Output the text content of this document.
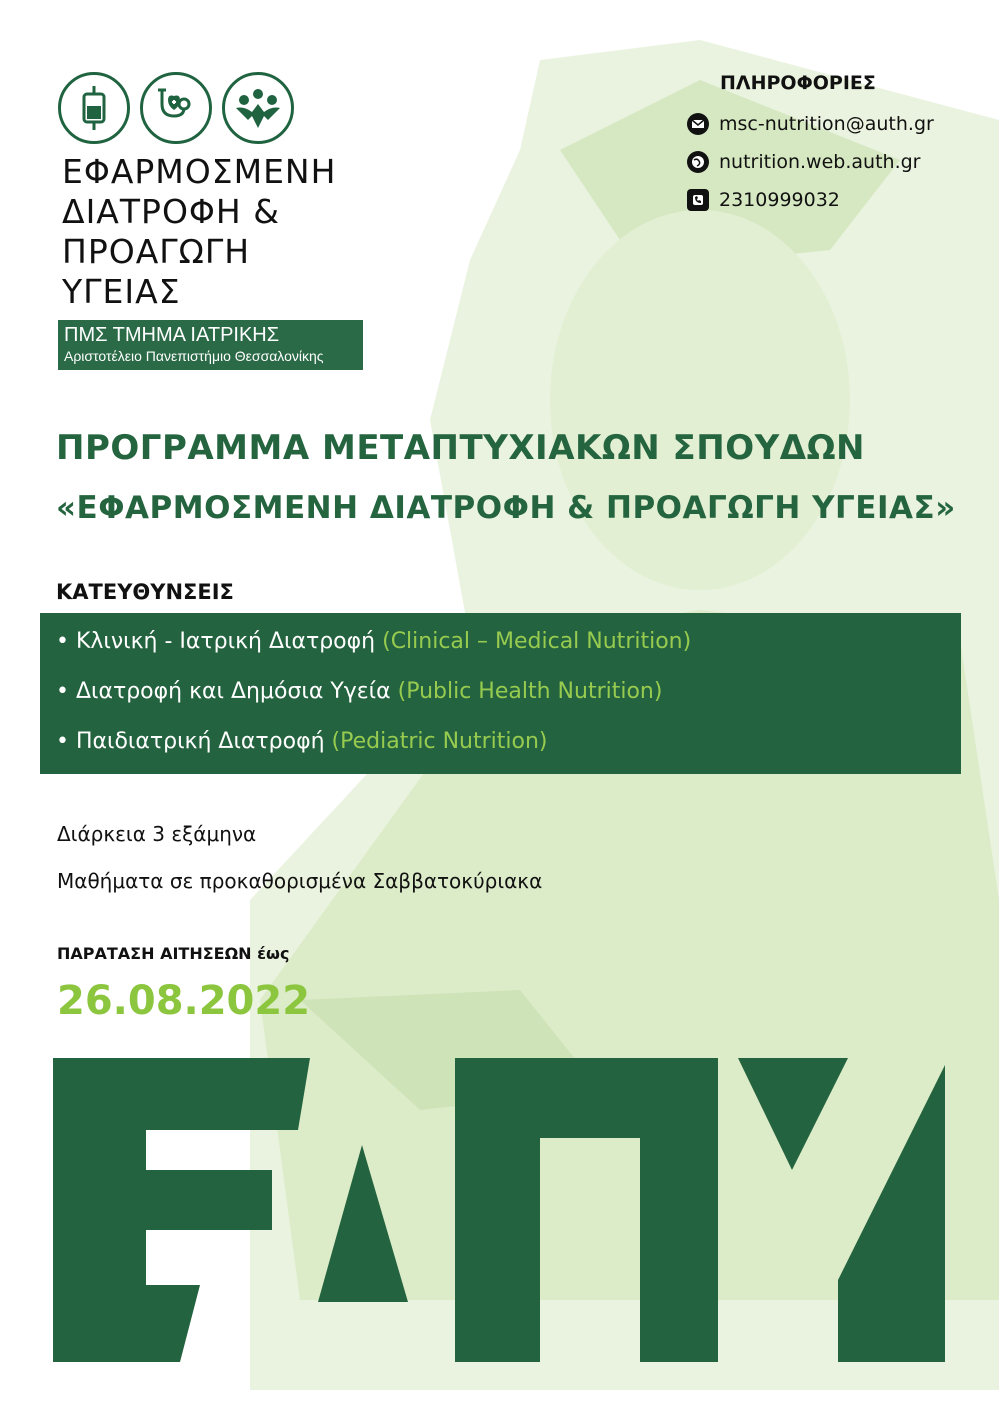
ΕΦΑΡΜΟΣΜΕΝΗ
ΔΙΑΤΡΟΦΗ &
ΠΡΟΑΓΩΓΗ
ΥΓΕΙΑΣ
ΠΜΣ ΤΜΗΜΑ ΙΑΤΡΙΚΗΣ
Αριστοτέλειο Πανεπιστήμιο Θεσσαλονίκης
ΠΛΗΡΟΦΟΡΙΕΣ
msc-nutrition@auth.gr
nutrition.web.auth.gr
2310999032
ΠΡΟΓΡΑΜΜΑ ΜΕΤΑΠΤΥΧΙΑΚΩΝ ΣΠΟΥΔΩΝ
«ΕΦΑΡΜΟΣΜΕΝΗ ΔΙΑΤΡΟΦΗ & ΠΡΟΑΓΩΓΗ ΥΓΕΙΑΣ»
ΚΑΤΕΥΘΥΝΣΕΙΣ
• Κλινική - Ιατρική Διατροφή (Clinical – Medical Nutrition)
• Διατροφή και Δημόσια Υγεία (Public Health Nutrition)
• Παιδιατρική Διατροφή (Pediatric Nutrition)
Διάρκεια 3 εξάμηνα
Μαθήματα σε προκαθορισμένα Σαββατοκύριακα
ΠΑΡΑΤΑΣΗ ΑΙΤΗΣΕΩΝ έως
26.08.2022
